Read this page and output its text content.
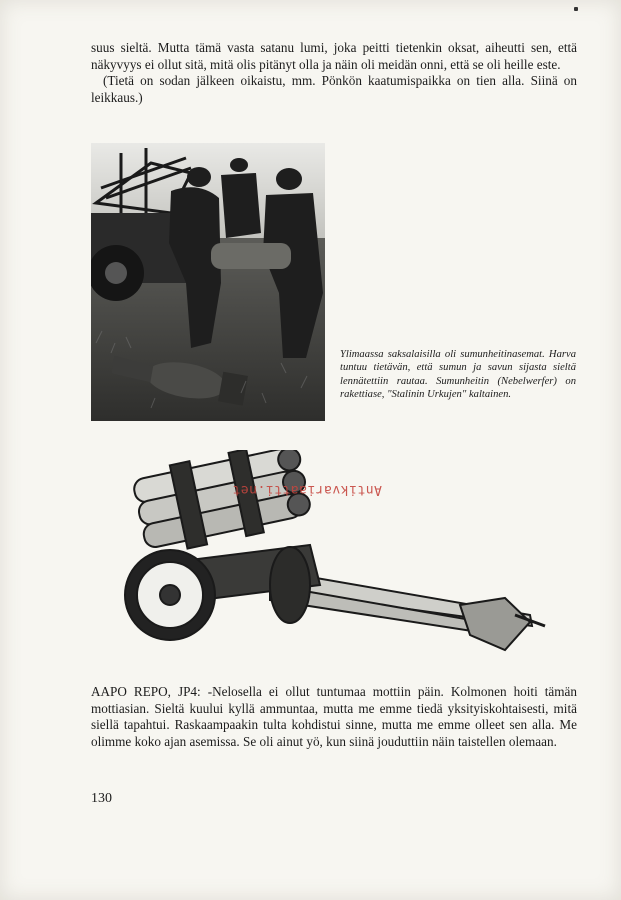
suus sieltä. Mutta tämä vasta satanu lumi, joka peitti tietenkin oksat, aiheutti sen, että näkyvyys ei ollut sitä, mitä olis pitänyt olla ja näin oli meidän onni, että se oli heille este.

(Tietä on sodan jälkeen oikaistu, mm. Pönkön kaatumispaikka on tien alla. Siinä on leikkaus.)

Ylimaassa saksalaisilla oli sumunheitinasemat. Harva tuntuu tietävän, että sumun ja savun sijasta sieltä lennätettiin rautaa. Sumunheitin (Nebelwerfer) on rakettiase, "Stalinin Urkujen" kaltainen.
Antikvariaatti.net

AAPO REPO, JP4: -Nelosella ei ollut tuntumaa mottiin päin. Kolmonen hoiti tämän mottiasian. Sieltä kuului kyllä ammuntaa, mutta me emme tiedä yksityiskohtaisesti, mitä siellä tapahtui. Raskaampaakin tulta kohdistui sinne, mutta me emme olleet sen alla. Me olimme koko ajan asemissa. Se oli ainut yö, kun siinä jouduttiin näin taistellen olemaan.

130
